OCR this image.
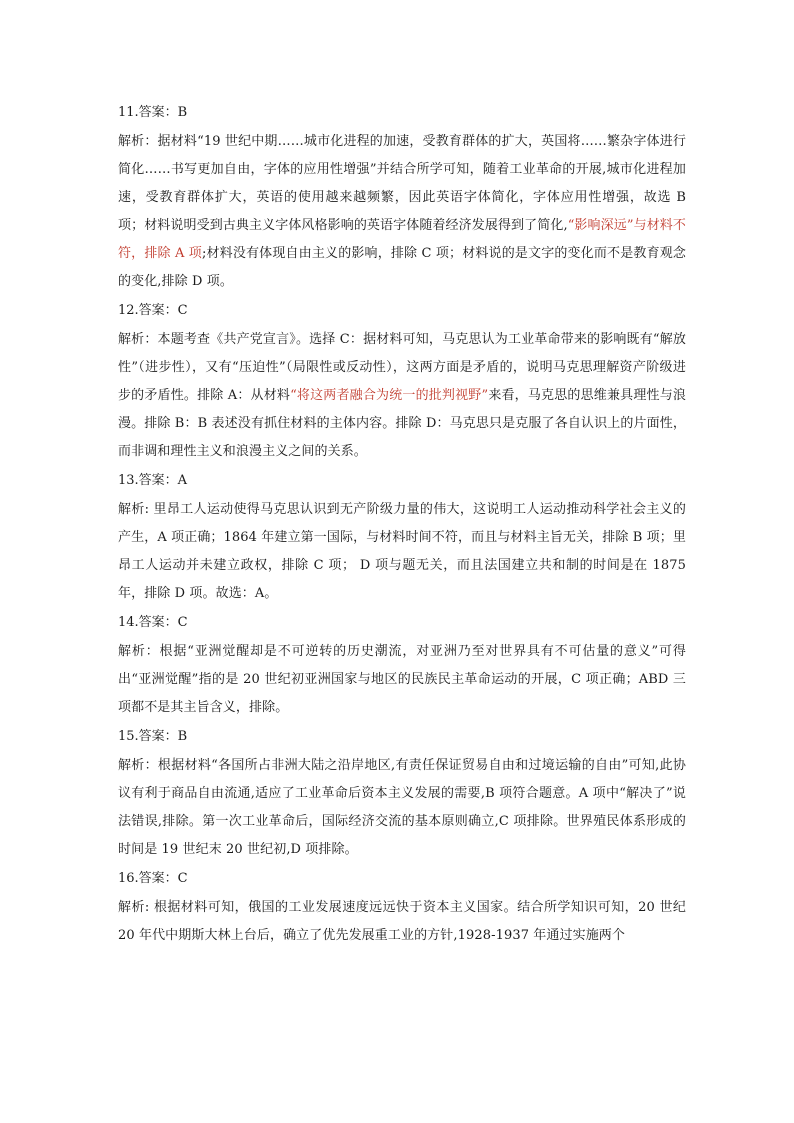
11.答案：B
解析：据材料“19 世纪中期……城市化进程的加速，受教育群体的扩大，英国将……繁杂字体进行简化……书写更加自由，字体的应用性增强”并结合所学可知，随着工业革命的开展,城市化进程加速，受教育群体扩大，英语的使用越来越频繁，因此英语字体简化，字体应用性增强，故选 B 项；材料说明受到古典主义字体风格影响的英语字体随着经济发展得到了简化,“影响深远”与材料不符，排除 A 项;材料没有体现自由主义的影响，排除 C 项；材料说的是文字的变化而不是教育观念的变化,排除 D 项。
12.答案：C
解析：本题考查《共产党宣言》。选择 C：据材料可知，马克思认为工业革命带来的影响既有“解放性”（进步性），又有“压迫性”（局限性或反动性），这两方面是矛盾的，说明马克思理解资产阶级进步的矛盾性。排除 A：从材料“将这两者融合为统一的批判视野”来看，马克思的思维兼具理性与浪漫。排除 B：B 表述没有抓住材料的主体内容。排除 D：马克思只是克服了各自认识上的片面性，而非调和理性主义和浪漫主义之间的关系。
13.答案：A
解析: 里昂工人运动使得马克思认识到无产阶级力量的伟大，这说明工人运动推动科学社会主义的产生，A 项正确；1864 年建立第一国际，与材料时间不符，而且与材料主旨无关，排除 B 项；里昂工人运动并未建立政权，排除 C 项； D 项与题无关，而且法国建立共和制的时间是在 1875 年，排除 D 项。故选：A。
14.答案：C
解析：根据“亚洲觉醒却是不可逆转的历史潮流，对亚洲乃至对世界具有不可估量的意义”可得出“亚洲觉醒”指的是 20 世纪初亚洲国家与地区的民族民主革命运动的开展，C 项正确；ABD 三项都不是其主旨含义，排除。
15.答案：B
解析：根据材料“各国所占非洲大陆之沿岸地区,有责任保证贸易自由和过境运输的自由”可知,此协议有利于商品自由流通,适应了工业革命后资本主义发展的需要,B 项符合题意。A 项中“解决了”说法错误,排除。第一次工业革命后，国际经济交流的基本原则确立,C 项排除。世界殖民体系形成的时间是 19 世纪末 20 世纪初,D 项排除。
16.答案：C
解析: 根据材料可知，俄国的工业发展速度远远快于资本主义国家。结合所学知识可知，20 世纪 20 年代中期斯大林上台后，确立了优先发展重工业的方针,1928-1937 年通过实施两个
